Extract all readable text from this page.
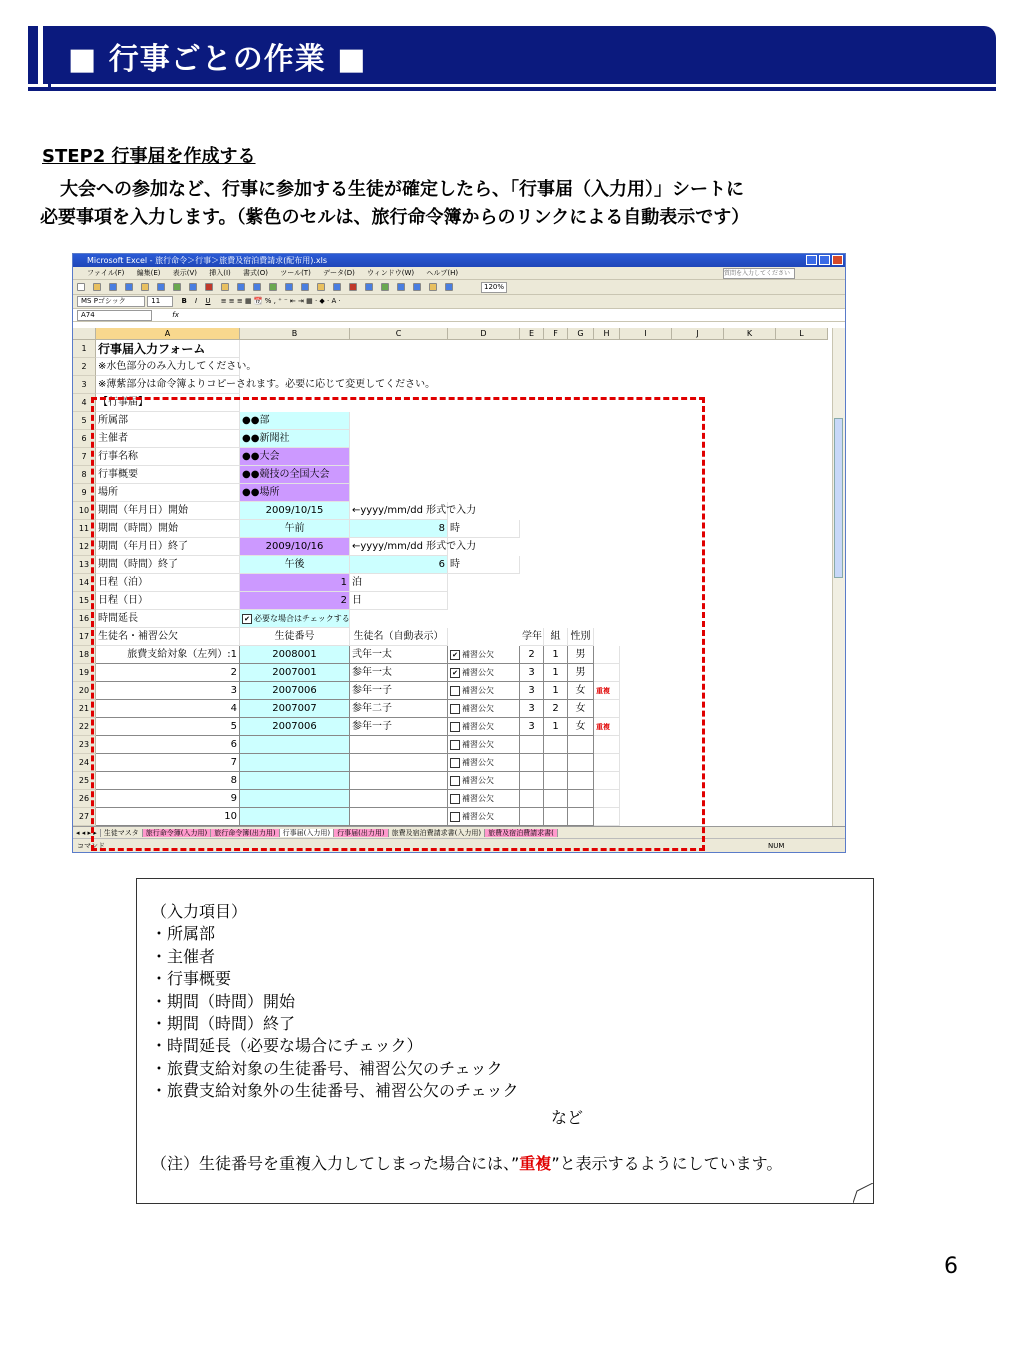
■ 行事ごとの作業 ■
STEP2 行事届を作成する
大会への参加など、行事に参加する生徒が確定したら、「行事届（入力用）」シートに
必要事項を入力します。（紫色のセルは、旅行命令簿からのリンクによる自動表示です）
Microsoft Excel - 旅行命令＞行事＞旅費及宿泊費請求(配布用).xls
ファイル(F) 編集(E) 表示(V) 挿入(I) 書式(O) ツール(T) データ(D) ウィンドウ(W) ヘルプ(H)	質問を入力してください
120%
MS Pゴシック	11	B I U ≡ ≡ ≡ ▦ 📆 % ‚ ⁺ ⁻ ⇤ ⇥ ▦ · ◆ · A ·
A74	fx
A	B	C	D	E	F	G	H	I	J	K	L
1 行事届入力フォーム
2	※水色部分のみ入力してください。
3	※薄紫部分は命令簿よりコピーされます。必要に応じて変更してください。
4	【行事届】
5	所属部	●●部
6	主催者	●●新聞社
7	行事名称	●●大会
8	行事概要	●●競技の全国大会
9	場所	●●場所
10 期間（年月日）開始	2009/10/15	←yyyy/mm/dd 形式で入力
11 期間（時間）開始	午前	8 時
12 期間（年月日）終了	2009/10/16	←yyyy/mm/dd 形式で入力
13 期間（時間）終了	午後	6 時
14 日程（泊）	1 泊
15 日程（日）	2 日
16 時間延長	✔ 必要な場合はチェックする
17 生徒名・補習公欠	生徒番号	生徒名（自動表示）	学年 組	性別
18	旅費支給対象（左列）:1	2008001	弐年一太	✔ 補習公欠	2	1	男
19	2	2007001	参年一太	✔ 補習公欠	3	1	男
20	3	2007006	参年一子	補習公欠	3	1	女	重複
21	4	2007007	参年二子	補習公欠	3	2	女
22	5	2007006	参年一子	補習公欠	3	1	女	重複
23	6	補習公欠
24	7	補習公欠
25	8	補習公欠
26	9	補習公欠
27	10	補習公欠
◂ ◂ ▸ ▸ 生徒マスタ 旅行命令簿(入力用) 旅行命令簿(出力用) 行事届(入力用) 行事届(出力用) 旅費及宿泊費請求書(入力用) 旅費及宿泊費請求書(
コマンド	NUM
（入力項目）
・所属部
・主催者
・行事概要
・期間（時間）開始
・期間（時間）終了
・時間延長（必要な場合にチェック）
・旅費支給対象の生徒番号、補習公欠のチェック
・旅費支給対象外の生徒番号、補習公欠のチェック
など
（注）生徒番号を重複入力してしまった場合には、”重複”と表示するようにしています。
6
